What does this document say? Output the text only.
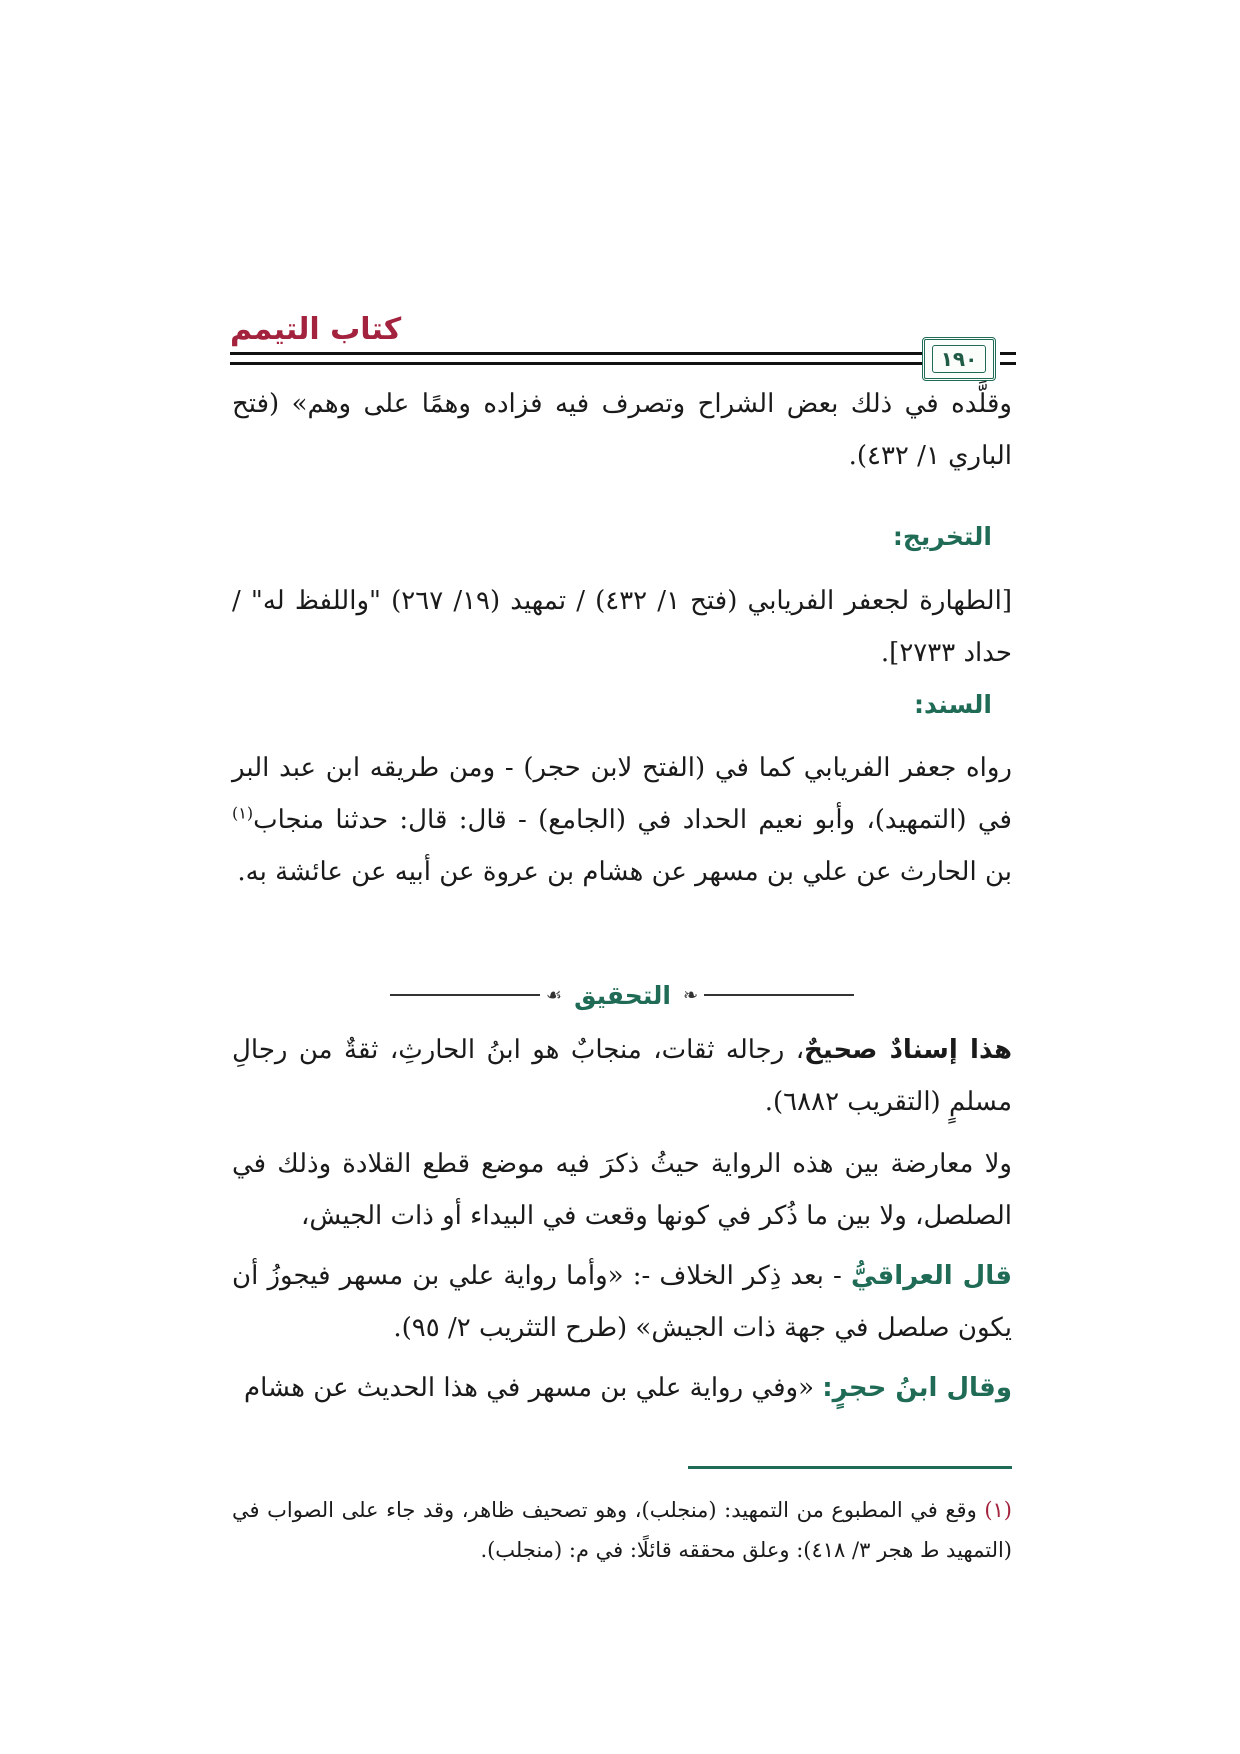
كتاب التيمم
١٩٠
وقلَّده في ذلك بعض الشراح وتصرف فيه فزاده وهمًا على وهم» (فتح الباري ١/ ٤٣٢).
التخريج:
[الطهارة لجعفر الفريابي (فتح ١/ ٤٣٢) / تمهيد (١٩/ ٢٦٧) "واللفظ له" / حداد ٢٧٣٣].
السند:
رواه جعفر الفريابي كما في (الفتح لابن حجر) - ومن طريقه ابن عبد البر في (التمهيد)، وأبو نعيم الحداد في (الجامع) - قال: قال: حدثنا منجاب$^{(١)}$ بن الحارث عن علي بن مسهر عن هشام بن عروة عن أبيه عن عائشة به.
❧
التحقيق
☙
هذا إسنادٌ صحيحٌ، رجاله ثقات، منجابٌ هو ابنُ الحارثِ، ثقةٌ من رجالِ مسلمٍ (التقريب ٦٨٨٢).
ولا معارضة بين هذه الرواية حيثُ ذكرَ فيه موضع قطع القلادة وذلك في الصلصل، ولا بين ما ذُكر في كونها وقعت في البيداء أو ذات الجيش،
قال العراقيُّ - بعد ذِكر الخلاف -: «وأما رواية علي بن مسهر فيجوزُ أن يكون صلصل في جهة ذات الجيش» (طرح التثريب ٢/ ٩٥).
وقال ابنُ حجرٍ: «وفي رواية علي بن مسهر في هذا الحديث عن هشام
(١) وقع في المطبوع من التمهيد: (منجلب)، وهو تصحيف ظاهر، وقد جاء على الصواب في (التمهيد ط هجر ٣/ ٤١٨): وعلق محققه قائلًا: في م: (منجلب).
